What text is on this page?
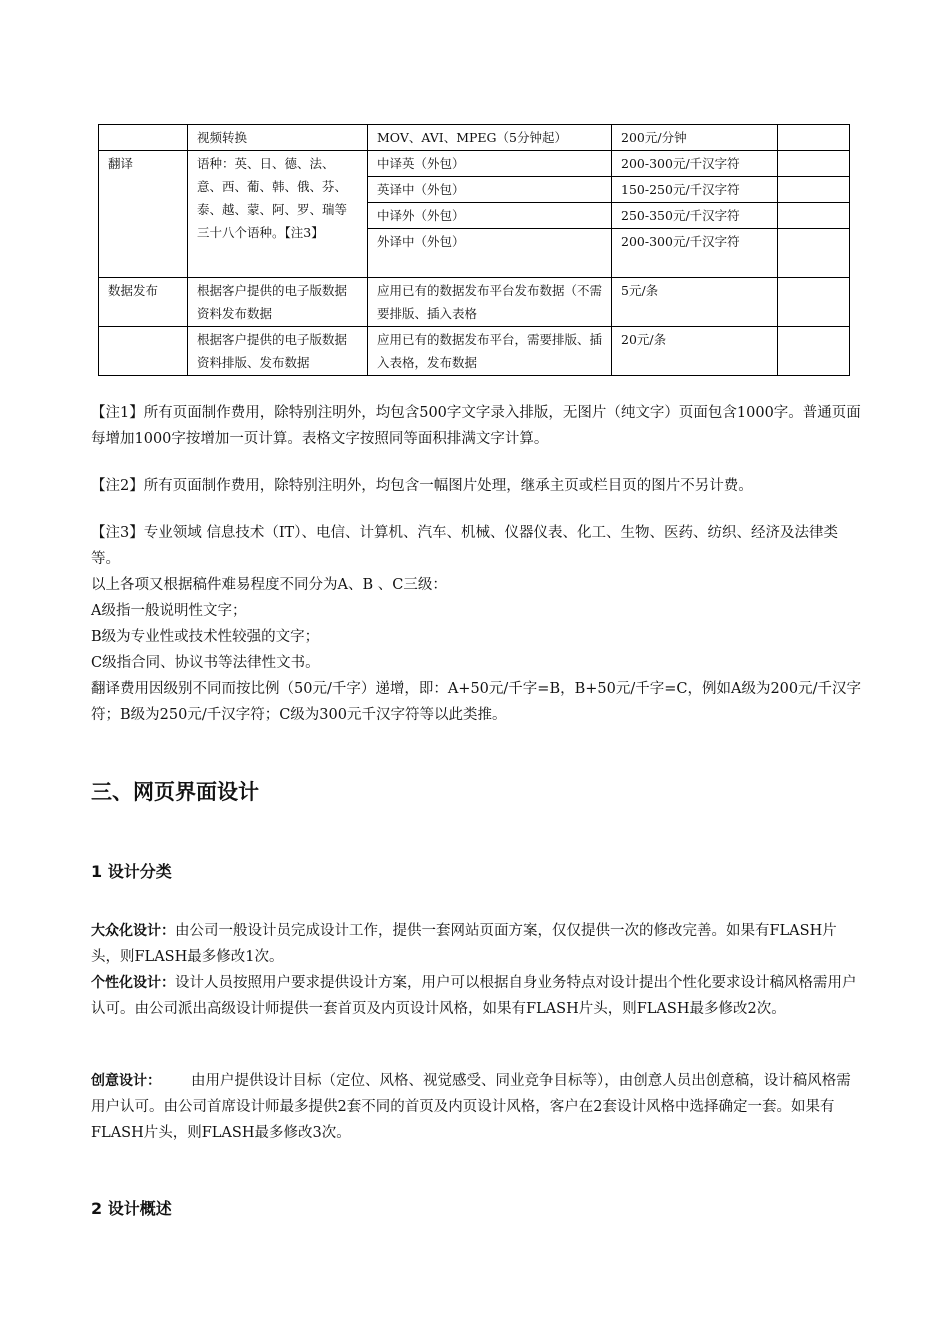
	视频转换	MOV、AVI、MPEG（5分钟起）	200元/分钟	
翻译	语种：英、日、德、法、意、西、葡、韩、俄、芬、泰、越、蒙、阿、罗、瑞等三十八个语种。【注3】	中译英（外包）	200-300元/千汉字符	
		英译中（外包）	150-250元/千汉字符	
		中译外（外包）	250-350元/千汉字符	
		外译中（外包）	200-300元/千汉字符	
数据发布	根据客户提供的电子版数据资料发布数据	应用已有的数据发布平台发布数据（不需要排版、插入表格	5元/条	
	根据客户提供的电子版数据资料排版、发布数据	应用已有的数据发布平台，需要排版、插入表格，发布数据	20元/条	

【注1】所有页面制作费用，除特别注明外，均包含500字文字录入排版，无图片（纯文字）页面包含1000字。普通页面每增加1000字按增加一页计算。表格文字按照同等面积排满文字计算。

【注2】所有页面制作费用，除特别注明外，均包含一幅图片处理，继承主页或栏目页的图片不另计费。

【注3】专业领域 信息技术（IT）、电信、计算机、汽车、机械、仪器仪表、化工、生物、医药、纺织、经济及法律类等。

以上各项又根据稿件难易程度不同分为A、B 、C三级：

A级指一般说明性文字；

B级为专业性或技术性较强的文字；

C级指合同、协议书等法律性文书。

翻译费用因级别不同而按比例（50元/千字）递增，即：A+50元/千字=B，B+50元/千字=C，例如A级为200元/千汉字符；B级为250元/千汉字符；C级为300元千汉字符等以此类推。

三、网页界面设计
1 设计分类

大众化设计：由公司一般设计员完成设计工作，提供一套网站页面方案，仅仅提供一次的修改完善。如果有FLASH片头，则FLASH最多修改1次。

个性化设计：设计人员按照用户要求提供设计方案，用户可以根据自身业务特点对设计提出个性化要求设计稿风格需用户认可。由公司派出高级设计师提供一套首页及内页设计风格，如果有FLASH片头，则FLASH最多修改2次。

创意设计： 由用户提供设计目标（定位、风格、视觉感受、同业竞争目标等），由创意人员出创意稿，设计稿风格需用户认可。由公司首席设计师最多提供2套不同的首页及内页设计风格，客户在2套设计风格中选择确定一套。如果有FLASH片头，则FLASH最多修改3次。

2 设计概述
